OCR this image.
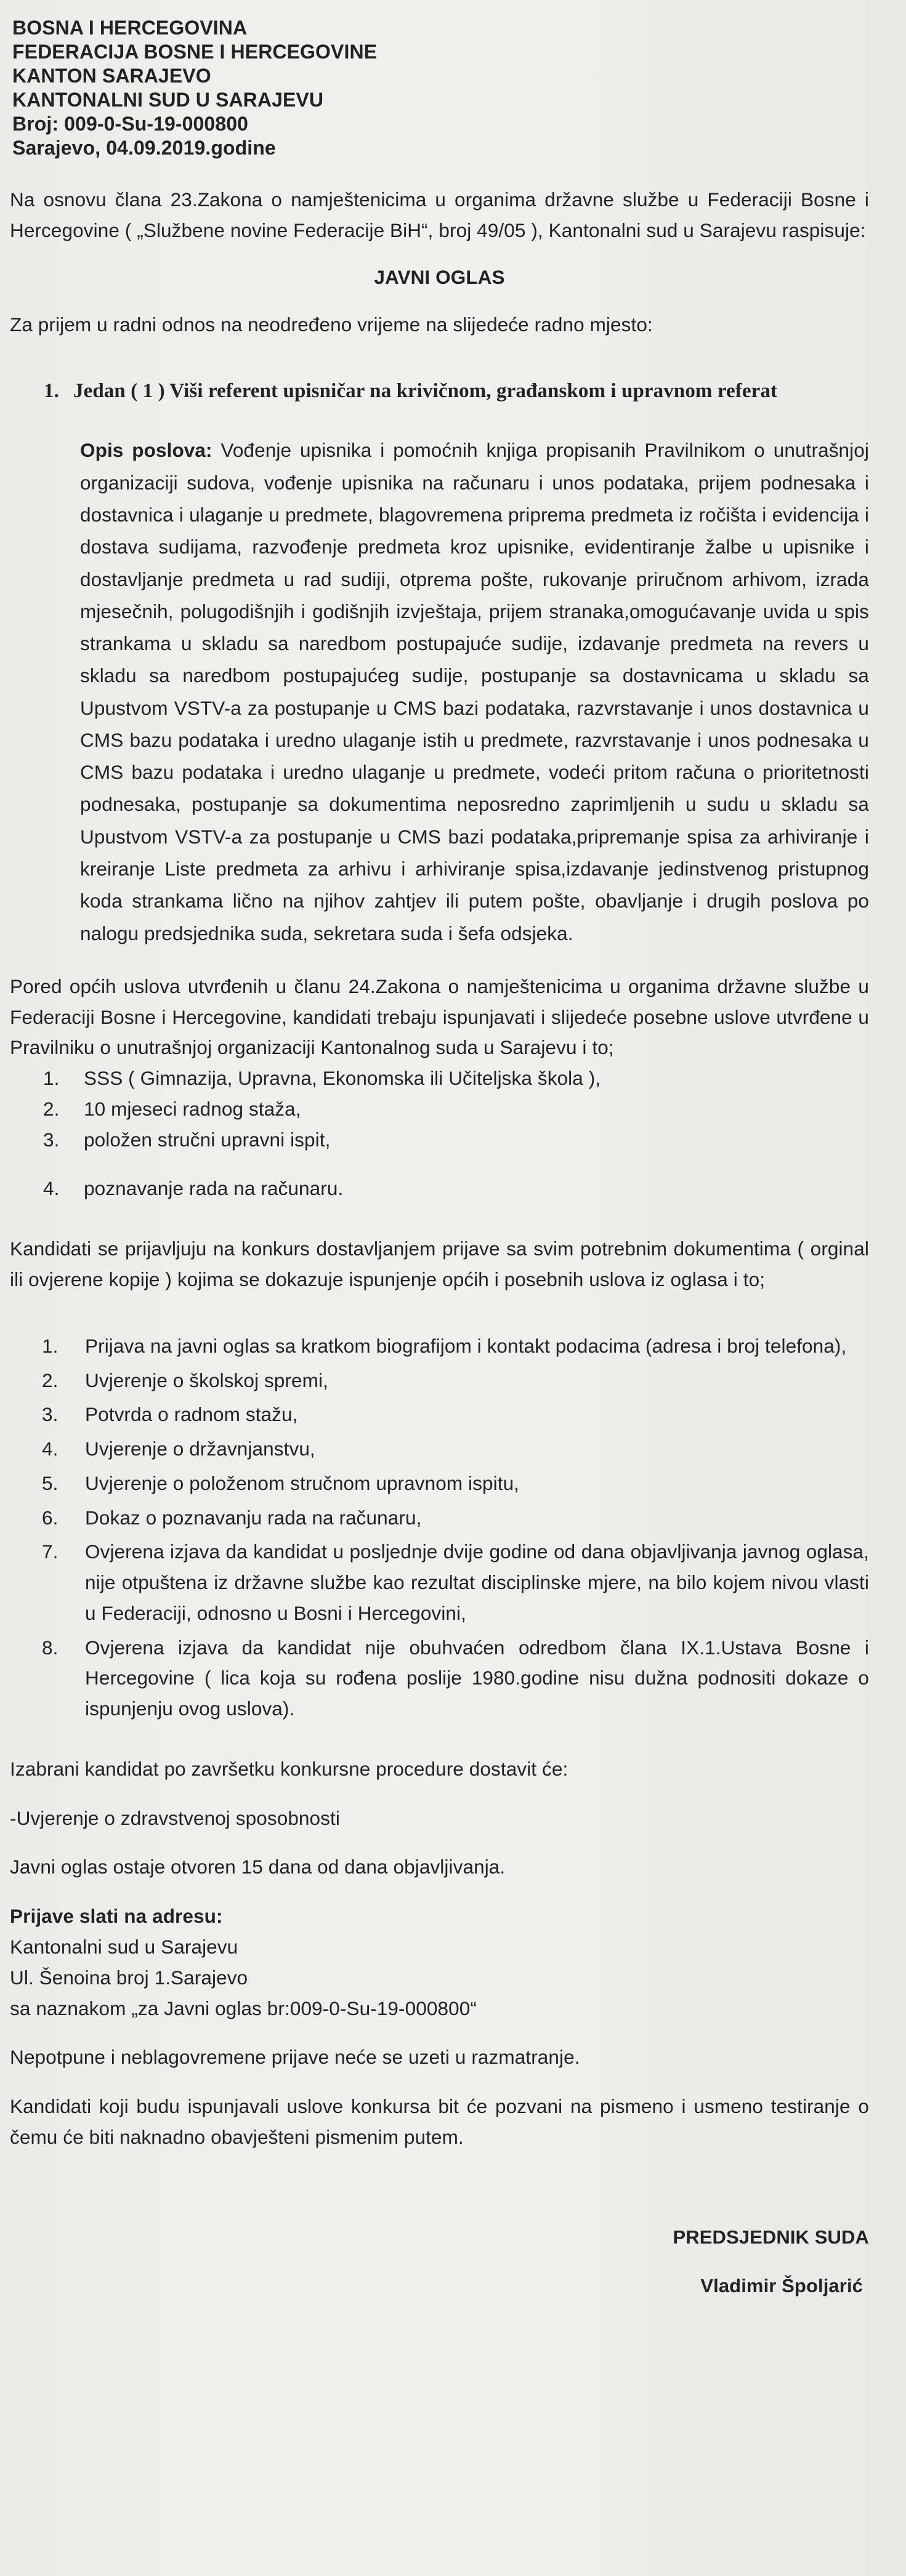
BOSNA I HERCEGOVINA
FEDERACIJA BOSNE I HERCEGOVINE
KANTON SARAJEVO
KANTONALNI SUD U SARAJEVU
Broj: 009-0-Su-19-000800
Sarajevo, 04.09.2019.godine

Na osnovu člana 23.Zakona o namještenicima u organima državne službe u Federaciji Bosne i Hercegovine ( „Službene novine Federacije BiH“, broj 49/05 ), Kantonalni sud u Sarajevu raspisuje:

JAVNI OGLAS

Za prijem u radni odnos na neodređeno vrijeme na slijedeće radno mjesto:

1. Jedan ( 1 ) Viši referent upisničar na krivičnom, građanskom i upravnom referat

Opis poslova: Vođenje upisnika i pomoćnih knjiga propisanih Pravilnikom o unutrašnjoj organizaciji sudova, vođenje upisnika na računaru i unos podataka, prijem podnesaka i dostavnica i ulaganje u predmete, blagovremena priprema predmeta iz ročišta i evidencija i dostava sudijama, razvođenje predmeta kroz upisnike, evidentiranje žalbe u upisnike i dostavljanje predmeta u rad sudiji, otprema pošte, rukovanje priručnom arhivom, izrada mjesečnih, polugodišnjih i godišnjih izvještaja, prijem stranaka,omogućavanje uvida u spis strankama u skladu sa naredbom postupajuće sudije, izdavanje predmeta na revers u skladu sa naredbom postupajućeg sudije, postupanje sa dostavnicama u skladu sa Upustvom VSTV-a za postupanje u CMS bazi podataka, razvrstavanje i unos dostavnica u CMS bazu podataka i uredno ulaganje istih u predmete, razvrstavanje i unos podnesaka u CMS bazu podataka i uredno ulaganje u predmete, vodeći pritom računa o prioritetnosti podnesaka, postupanje sa dokumentima neposredno zaprimljenih u sudu u skladu sa Upustvom VSTV-a za postupanje u CMS bazi podataka,pripremanje spisa za arhiviranje i kreiranje Liste predmeta za arhivu i arhiviranje spisa,izdavanje jedinstvenog pristupnog koda strankama lično na njihov zahtjev ili putem pošte, obavljanje i drugih poslova po nalogu predsjednika suda, sekretara suda i šefa odsjeka.

Pored općih uslova utvrđenih u članu 24.Zakona o namještenicima u organima državne službe u Federaciji Bosne i Hercegovine, kandidati trebaju ispunjavati i slijedeće posebne uslove utvrđene u Pravilniku o unutrašnjoj organizaciji Kantonalnog suda u Sarajevu i to;

1.	SSS ( Gimnazija, Upravna, Ekonomska ili Učiteljska škola ),
2.	10 mjeseci radnog staža,
3.	položen stručni upravni ispit,
4.	poznavanje rada na računaru.

Kandidati se prijavljuju na konkurs dostavljanjem prijave sa svim potrebnim dokumentima ( orginal ili ovjerene kopije ) kojima se dokazuje ispunjenje općih i posebnih uslova iz oglasa i to;

1.	Prijava na javni oglas sa kratkom biografijom i kontakt podacima (adresa i broj telefona),
2.	Uvjerenje o školskoj spremi,
3.	Potvrda o radnom stažu,
4.	Uvjerenje o državnjanstvu,
5.	Uvjerenje o položenom stručnom upravnom ispitu,
6.	Dokaz o poznavanju rada na računaru,
7.	Ovjerena izjava da kandidat u posljednje dvije godine od dana objavljivanja javnog oglasa, nije otpuštena iz državne službe kao rezultat disciplinske mjere, na bilo kojem nivou vlasti u Federaciji, odnosno u Bosni i Hercegovini,
8.	Ovjerena izjava da kandidat nije obuhvaćen odredbom člana IX.1.Ustava Bosne i Hercegovine ( lica koja su rođena poslije 1980.godine nisu dužna podnositi dokaze o ispunjenju ovog uslova).

Izabrani kandidat po završetku konkursne procedure dostavit će:

-Uvjerenje o zdravstvenoj sposobnosti

Javni oglas ostaje otvoren 15 dana od dana objavljivanja.

Prijave slati na adresu:
Kantonalni sud u Sarajevu
Ul. Šenoina broj 1.Sarajevo
sa naznakom „za Javni oglas br:009-0-Su-19-000800“

Nepotpune i neblagovremene prijave neće se uzeti u razmatranje.

Kandidati koji budu ispunjavali uslove konkursa bit će pozvani na pismeno i usmeno testiranje o čemu će biti naknadno obavješteni pismenim putem.

PREDSJEDNIK SUDA
Vladimir Špoljarić
